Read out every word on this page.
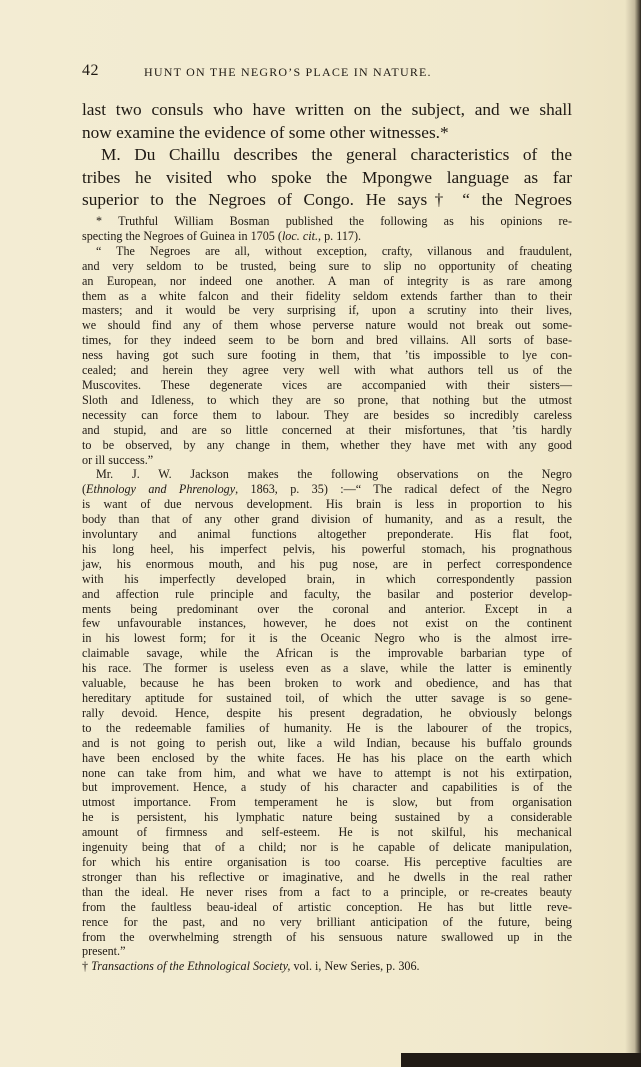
42	HUNT ON THE NEGRO’S PLACE IN NATURE.
last two consuls who have written on the subject, and we shall
now examine the evidence of some other witnesses.*
M. Du Chaillu describes the general characteristics of the
tribes he visited who spoke the Mpongwe language as far
superior to the Negroes of Congo. He says† “ the Negroes
* Truthful William Bosman published the following as his opinions re-
specting the Negroes of Guinea in 1705 (loc. cit., p. 117).
“ The Negroes are all, without exception, crafty, villanous and fraudulent,
and very seldom to be trusted, being sure to slip no opportunity of cheating
an European, nor indeed one another. A man of integrity is as rare among
them as a white falcon and their fidelity seldom extends farther than to their
masters; and it would be very surprising if, upon a scrutiny into their lives,
we should find any of them whose perverse nature would not break out some-
times, for they indeed seem to be born and bred villains. All sorts of base-
ness having got such sure footing in them, that ’tis impossible to lye con-
cealed; and herein they agree very well with what authors tell us of the
Muscovites. These degenerate vices are accompanied with their sisters—
Sloth and Idleness, to which they are so prone, that nothing but the utmost
necessity can force them to labour. They are besides so incredibly careless
and stupid, and are so little concerned at their misfortunes, that ’tis hardly
to be observed, by any change in them, whether they have met with any good
or ill success.”
Mr. J. W. Jackson makes the following observations on the Negro
(Ethnology and Phrenology, 1863, p. 35) :—“ The radical defect of the Negro
is want of due nervous development. His brain is less in proportion to his
body than that of any other grand division of humanity, and as a result, the
involuntary and animal functions altogether preponderate. His flat foot,
his long heel, his imperfect pelvis, his powerful stomach, his prognathous
jaw, his enormous mouth, and his pug nose, are in perfect correspondence
with his imperfectly developed brain, in which correspondently passion
and affection rule principle and faculty, the basilar and posterior develop-
ments being predominant over the coronal and anterior. Except in a
few unfavourable instances, however, he does not exist on the continent
in his lowest form; for it is the Oceanic Negro who is the almost irre-
claimable savage, while the African is the improvable barbarian type of
his race. The former is useless even as a slave, while the latter is eminently
valuable, because he has been broken to work and obedience, and has that
hereditary aptitude for sustained toil, of which the utter savage is so gene-
rally devoid. Hence, despite his present degradation, he obviously belongs
to the redeemable families of humanity. He is the labourer of the tropics,
and is not going to perish out, like a wild Indian, because his buffalo grounds
have been enclosed by the white faces. He has his place on the earth which
none can take from him, and what we have to attempt is not his extirpation,
but improvement. Hence, a study of his character and capabilities is of the
utmost importance. From temperament he is slow, but from organisation
he is persistent, his lymphatic nature being sustained by a considerable
amount of firmness and self-esteem. He is not skilful, his mechanical
ingenuity being that of a child; nor is he capable of delicate manipulation,
for which his entire organisation is too coarse. His perceptive faculties are
stronger than his reflective or imaginative, and he dwells in the real rather
than the ideal. He never rises from a fact to a principle, or re-creates beauty
from the faultless beau-ideal of artistic conception. He has but little reve-
rence for the past, and no very brilliant anticipation of the future, being
from the overwhelming strength of his sensuous nature swallowed up in the
present.”
† Transactions of the Ethnological Society, vol. i, New Series, p. 306.
